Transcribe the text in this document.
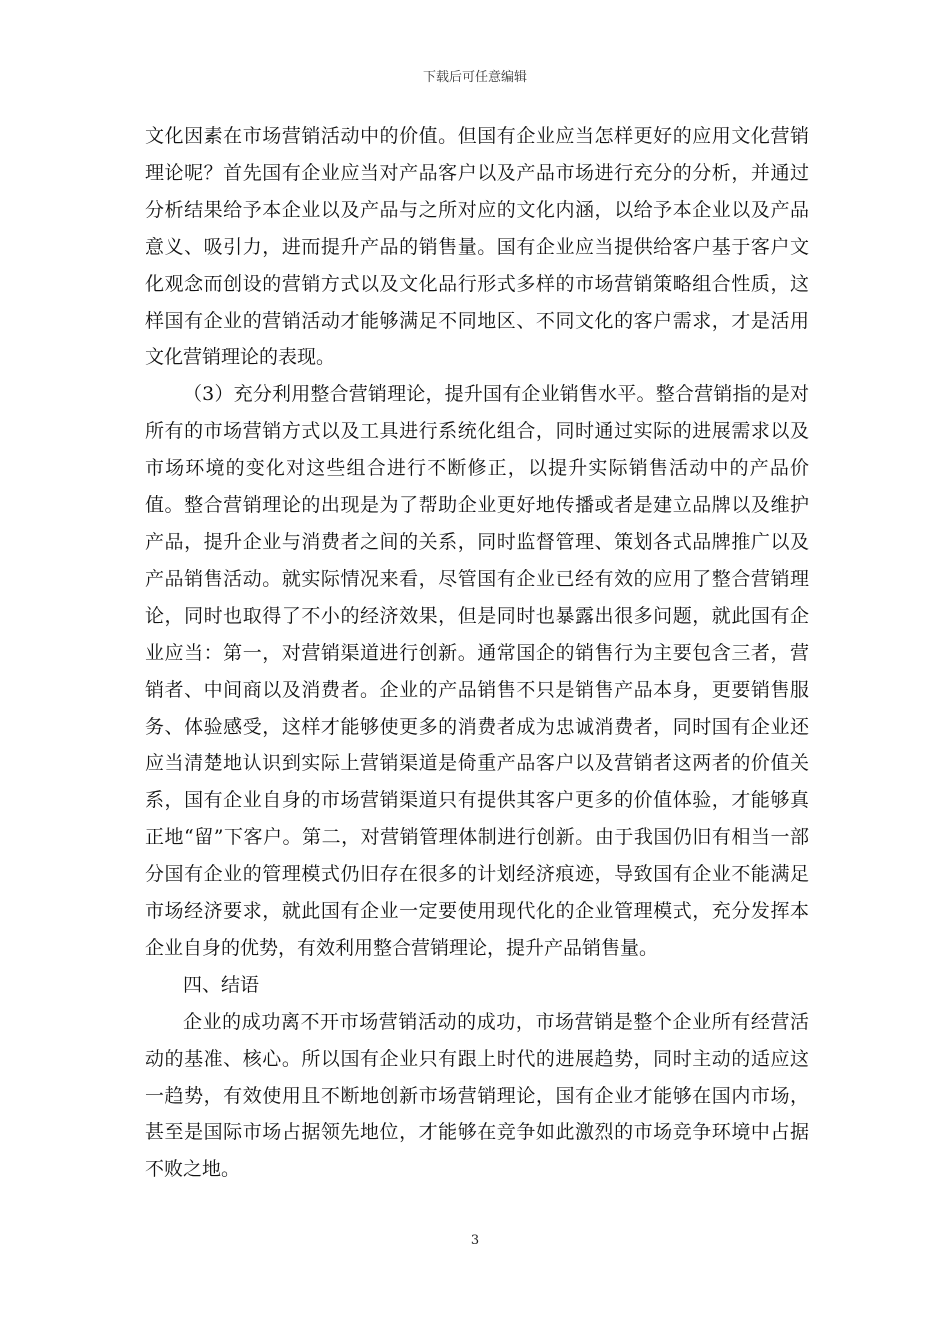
下载后可任意编辑

文化因素在市场营销活动中的价值。但国有企业应当怎样更好的应用文化营销理论呢？首先国有企业应当对产品客户以及产品市场进行充分的分析，并通过分析结果给予本企业以及产品与之所对应的文化内涵，以给予本企业以及产品意义、吸引力，进而提升产品的销售量。国有企业应当提供给客户基于客户文化观念而创设的营销方式以及文化品行形式多样的市场营销策略组合性质，这样国有企业的营销活动才能够满足不同地区、不同文化的客户需求，才是活用文化营销理论的表现。

（3）充分利用整合营销理论，提升国有企业销售水平。整合营销指的是对所有的市场营销方式以及工具进行系统化组合，同时通过实际的进展需求以及市场环境的变化对这些组合进行不断修正，以提升实际销售活动中的产品价值。整合营销理论的出现是为了帮助企业更好地传播或者是建立品牌以及维护产品，提升企业与消费者之间的关系，同时监督管理、策划各式品牌推广以及产品销售活动。就实际情况来看，尽管国有企业已经有效的应用了整合营销理论，同时也取得了不小的经济效果，但是同时也暴露出很多问题，就此国有企业应当：第一，对营销渠道进行创新。通常国企的销售行为主要包含三者，营销者、中间商以及消费者。企业的产品销售不只是销售产品本身，更要销售服务、体验感受，这样才能够使更多的消费者成为忠诚消费者，同时国有企业还应当清楚地认识到实际上营销渠道是倚重产品客户以及营销者这两者的价值关系，国有企业自身的市场营销渠道只有提供其客户更多的价值体验，才能够真正地“留”下客户。第二，对营销管理体制进行创新。由于我国仍旧有相当一部分国有企业的管理模式仍旧存在很多的计划经济痕迹，导致国有企业不能满足市场经济要求，就此国有企业一定要使用现代化的企业管理模式，充分发挥本企业自身的优势，有效利用整合营销理论，提升产品销售量。

四、结语

企业的成功离不开市场营销活动的成功，市场营销是整个企业所有经营活动的基准、核心。所以国有企业只有跟上时代的进展趋势，同时主动的适应这一趋势，有效使用且不断地创新市场营销理论，国有企业才能够在国内市场，甚至是国际市场占据领先地位，才能够在竞争如此激烈的市场竞争环境中占据不败之地。

3
